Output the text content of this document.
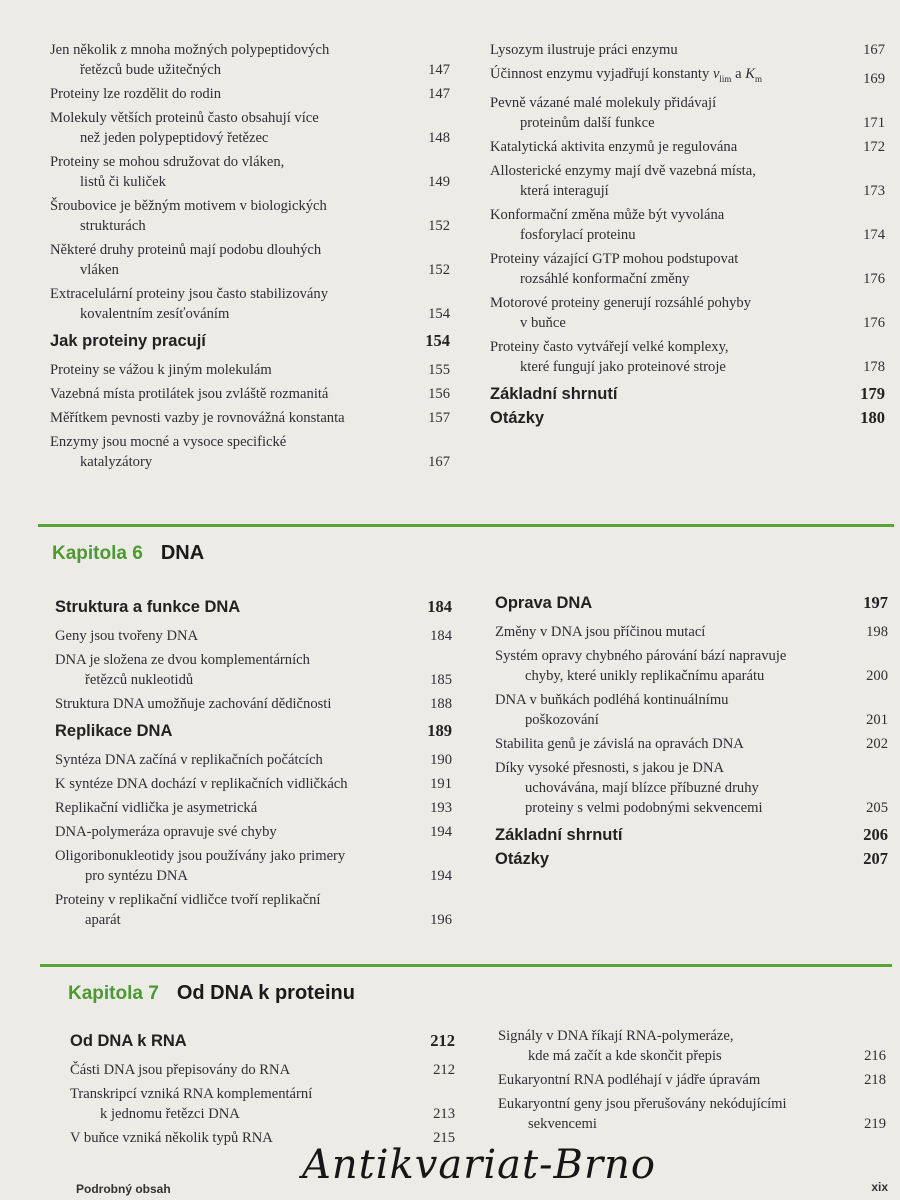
Jen několik z mnoha možných polypeptidových
řetězců bude užitečných	147
Proteiny lze rozdělit do rodin	147
Molekuly větších proteinů často obsahují více
než jeden polypeptidový řetězec	148
Proteiny se mohou sdružovat do vláken,
listů či kuliček	149
Šroubovice je běžným motivem v biologických
strukturách	152
Některé druhy proteinů mají podobu dlouhých
vláken	152
Extracelulární proteiny jsou často stabilizovány
kovalentním zesíťováním	154
Jak proteiny pracují	154
Proteiny se vážou k jiným molekulám	155
Vazebná místa protilátek jsou zvláště rozmanitá	156
Měřítkem pevnosti vazby je rovnovážná konstanta	157
Enzymy jsou mocné a vysoce specifické
katalyzátory	167
Lysozym ilustruje práci enzymu	167
Účinnost enzymu vyjadřují konstanty $v_{lim}$ a $K_m$	169
Pevně vázané malé molekuly přidávají
proteinům další funkce	171
Katalytická aktivita enzymů je regulována	172
Allosterické enzymy mají dvě vazebná místa,
která interagují	173
Konformační změna může být vyvolána
fosforylací proteinu	174
Proteiny vázající GTP mohou podstupovat
rozsáhlé konformační změny	176
Motorové proteiny generují rozsáhlé pohyby
v buňce	176
Proteiny často vytvářejí velké komplexy,
které fungují jako proteinové stroje	178
Základní shrnutí	179
Otázky	180
Kapitola 6 DNA
Struktura a funkce DNA	184
Geny jsou tvořeny DNA	184
DNA je složena ze dvou komplementárních
řetězců nukleotidů	185
Struktura DNA umožňuje zachování dědičnosti	188
Replikace DNA	189
Syntéza DNA začíná v replikačních počátcích	190
K syntéze DNA dochází v replikačních vidličkách	191
Replikační vidlička je asymetrická	193
DNA-polymeráza opravuje své chyby	194
Oligoribonukleotidy jsou používány jako primery
pro syntézu DNA	194
Proteiny v replikační vidličce tvoří replikační
aparát	196
Oprava DNA	197
Změny v DNA jsou příčinou mutací	198
Systém opravy chybného párování bází napravuje
chyby, které unikly replikačnímu aparátu	200
DNA v buňkách podléhá kontinuálnímu
poškozování	201
Stabilita genů je závislá na opravách DNA	202
Díky vysoké přesnosti, s jakou je DNA
uchovávána, mají blízce příbuzné druhy
proteiny s velmi podobnými sekvencemi	205
Základní shrnutí	206
Otázky	207
Kapitola 7 Od DNA k proteinu
Od DNA k RNA	212
Části DNA jsou přepisovány do RNA	212
Transkripcí vzniká RNA komplementární
k jednomu řetězci DNA	213
V buňce vzniká několik typů RNA	215
Signály v DNA říkají RNA-polymeráze,
kde má začít a kde skončit přepis	216
Eukaryontní RNA podléhají v jádře úpravám	218
Eukaryontní geny jsou přerušovány nekódujícími
sekvencemi	219
Antikvariat-Brno
Podrobný obsah	xix
